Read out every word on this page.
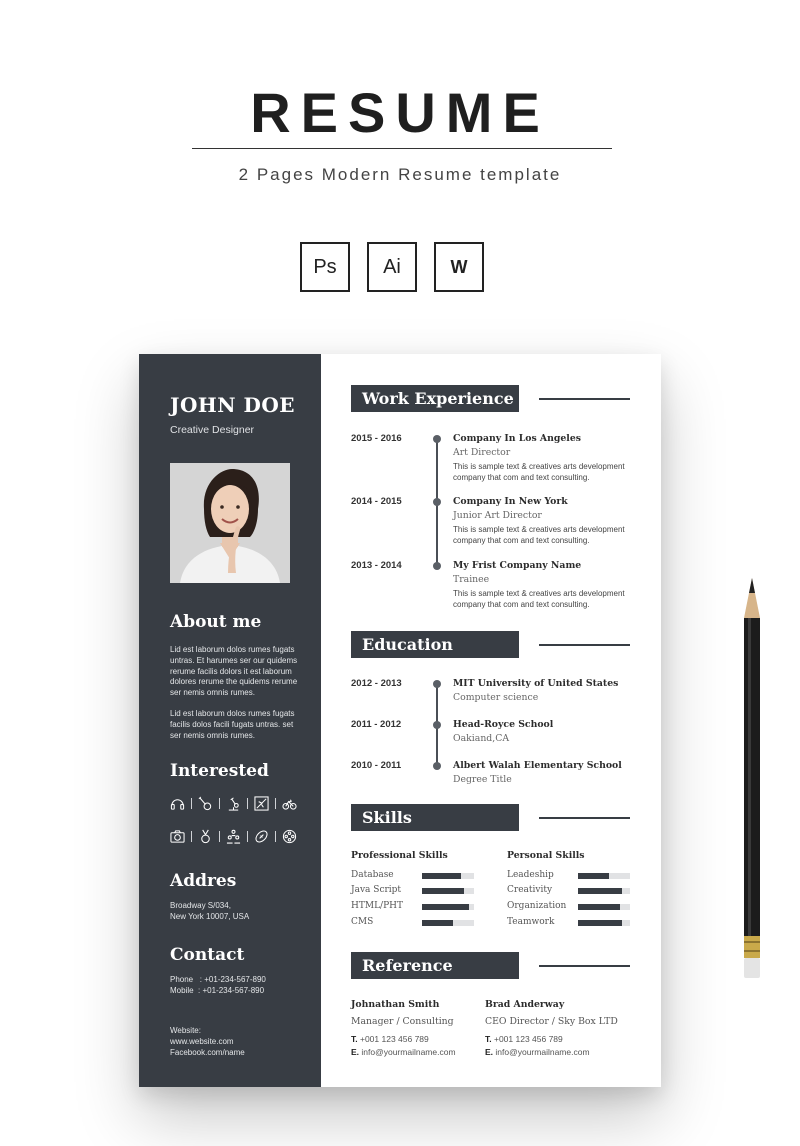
RESUME
2 Pages Modern Resume template
Ps	Ai	W
JOHN DOE
Creative Designer
About me
Lid est laborum dolos rumes fugats untras. Et harumes ser our quidems rerume facilis dolors it est laborum dolores rerume the quidems rerume ser nemis omnis rumes.
Lid est laborum dolos rumes fugats facilis dolos facili fugats untras. set ser nemis omnis rumes.
Interested
Addres
Broadway S/034,
New York 10007, USA
Contact
Phone   : +01-234-567-890
Mobile  : +01-234-567-890
Website:
www.website.com
Facebook.com/name
Work Experience
2015 - 2016	Company In Los Angeles
Art Director
This is sample text & creatives arts development
company that com and text consulting.
2014 - 2015	Company In New York
Junior Art Director
This is sample text & creatives arts development
company that com and text consulting.
2013 - 2014	My Frist Company Name
Trainee
This is sample text & creatives arts development
company that com and text consulting.
Education
2012 - 2013	MIT University of United States
Computer science
2011 - 2012	Head-Royce School
Oakiand,CA
2010 - 2011	Albert Walah Elementary School
Degree Title
Skills
Professional Skills	Personal Skills
Database
Java Script
HTML/PHT
CMS
Leadeship
Creativity
Organization
Teamwork
Reference
Johnathan Smith
Manager / Consulting
T. +001 123 456 789
E. info@yourmailname.com
Brad Anderway
CEO Director / Sky Box LTD
T. +001 123 456 789
E. info@yourmailname.com
